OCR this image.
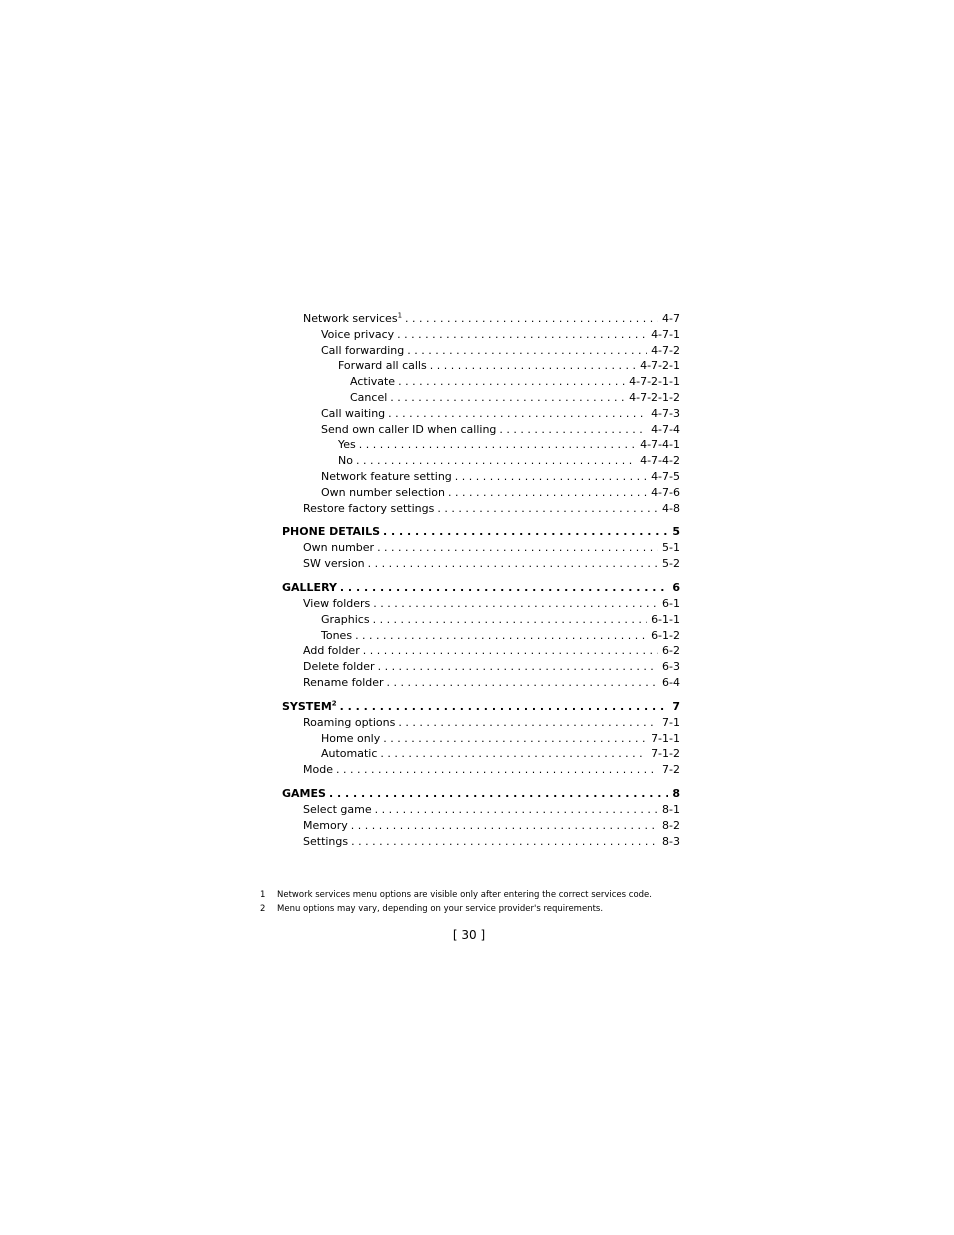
Network services$^1$ . . .	4-7
Voice privacy . . .	4-7-1
Call forwarding . . .	4-7-2
Forward all calls . . .	4-7-2-1
Activate . . .	4-7-2-1-1
Cancel . . .	4-7-2-1-2
Call waiting . . .	4-7-3
Send own caller ID when calling . . .	4-7-4
Yes . . .	4-7-4-1
No . . .	4-7-4-2
Network feature setting . . .	4-7-5
Own number selection . . .	4-7-6
Restore factory settings . . .	4-8
PHONE DETAILS . . .	5
Own number . . .	5-1
SW version . . .	5-2
GALLERY . . .	6
View folders . . .	6-1
Graphics . . .	6-1-1
Tones . . .	6-1-2
Add folder . . .	6-2
Delete folder . . .	6-3
Rename folder . . .	6-4
SYSTEM$^2$ . . .	7
Roaming options . . .	7-1
Home only . . .	7-1-1
Automatic . . .	7-1-2
Mode . . .	7-2
GAMES . . .	8
Select game . . .	8-1
Memory . . .	8-2
Settings . . .	8-3
1	Network services menu options are visible only after entering the correct services code.
2	Menu options may vary, depending on your service provider's requirements.
[ 30 ]
